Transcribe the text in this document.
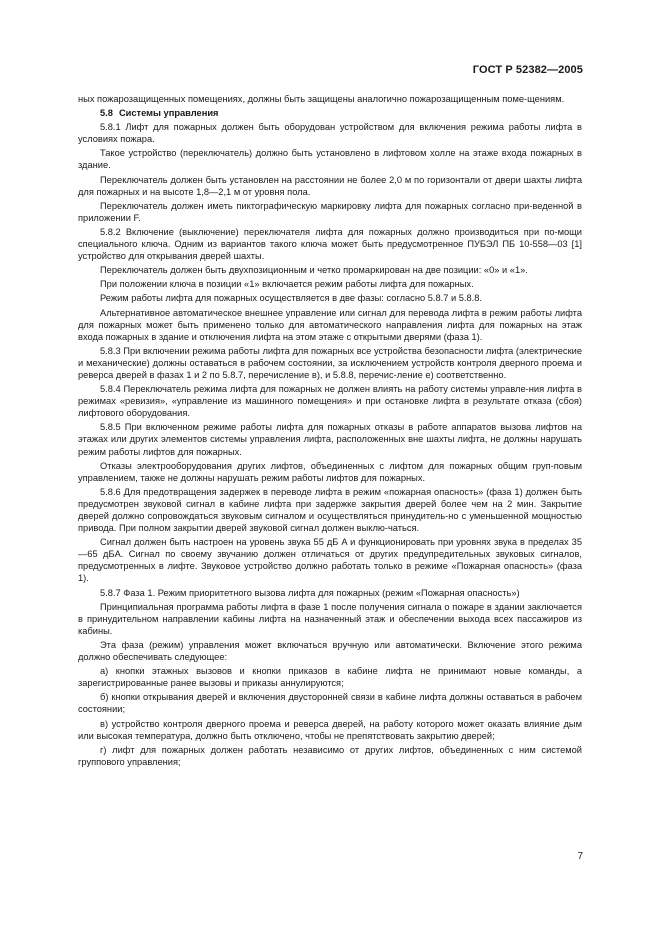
ГОСТ Р 52382—2005

ных пожарозащищенных помещениях, должны быть защищены аналогично пожарозащищенным поме-щениям.

5.8 Системы управления

5.8.1 Лифт для пожарных должен быть оборудован устройством для включения режима работы лифта в условиях пожара.

Такое устройство (переключатель) должно быть установлено в лифтовом холле на этаже входа пожарных в здание.

Переключатель должен быть установлен на расстоянии не более 2,0 м по горизонтали от двери шахты лифта для пожарных и на высоте 1,8—2,1 м от уровня пола.

Переключатель должен иметь пиктографическую маркировку лифта для пожарных согласно при-веденной в приложении F.

5.8.2 Включение (выключение) переключателя лифта для пожарных должно производиться при по-мощи специального ключа. Одним из вариантов такого ключа может быть предусмотренное ПУБЭЛ ПБ 10-558—03 [1] устройство для открывания дверей шахты.

Переключатель должен быть двухпозиционным и четко промаркирован на две позиции: «0» и «1».

При положении ключа в позиции «1» включается режим работы лифта для пожарных.

Режим работы лифта для пожарных осуществляется в две фазы: согласно 5.8.7 и 5.8.8.

Альтернативное автоматическое внешнее управление или сигнал для перевода лифта в режим работы лифта для пожарных может быть применено только для автоматического направления лифта для пожарных на этаж входа пожарных в здание и отключения лифта на этом этаже с открытыми дверями (фаза 1).

5.8.3 При включении режима работы лифта для пожарных все устройства безопасности лифта (электрические и механические) должны оставаться в рабочем состоянии, за исключением устройств контроля дверного проема и реверса дверей в фазах 1 и 2 по 5.8.7, перечисление в), и 5.8.8, перечис-ление е) соответственно.

5.8.4 Переключатель режима лифта для пожарных не должен влиять на работу системы управле-ния лифта в режимах «ревизия», «управление из машинного помещения» и при остановке лифта в результате отказа (сбоя) лифтового оборудования.

5.8.5 При включенном режиме работы лифта для пожарных отказы в работе аппаратов вызова лифтов на этажах или других элементов системы управления лифта, расположенных вне шахты лифта, не должны нарушать режим работы лифтов для пожарных.

Отказы электрооборудования других лифтов, объединенных с лифтом для пожарных общим груп-повым управлением, также не должны нарушать режим работы лифтов для пожарных.

5.8.6 Для предотвращения задержек в переводе лифта в режим «пожарная опасность» (фаза 1) должен быть предусмотрен звуковой сигнал в кабине лифта при задержке закрытия дверей более чем на 2 мин. Закрытие дверей должно сопровождаться звуковым сигналом и осуществляться принудитель-но с уменьшенной мощностью привода. При полном закрытии дверей звуковой сигнал должен выклю-чаться.

Сигнал должен быть настроен на уровень звука 55 дБ A и функционировать при уровнях звука в пределах 35—65 дБA. Сигнал по своему звучанию должен отличаться от других предупредительных звуковых сигналов, предусмотренных в лифте. Звуковое устройство должно работать только в режиме «Пожарная опасность» (фаза 1).

5.8.7 Фаза 1. Режим приоритетного вызова лифта для пожарных (режим «Пожарная опасность»)

Принципиальная программа работы лифта в фазе 1 после получения сигнала о пожаре в здании заключается в принудительном направлении кабины лифта на назначенный этаж и обеспечении выхода всех пассажиров из кабины.

Эта фаза (режим) управления может включаться вручную или автоматически. Включение этого режима должно обеспечивать следующее:

а) кнопки этажных вызовов и кнопки приказов в кабине лифта не принимают новые команды, а зарегистрированные ранее вызовы и приказы аннулируются;

б) кнопки открывания дверей и включения двусторонней связи в кабине лифта должны оставаться в рабочем состоянии;

в) устройство контроля дверного проема и реверса дверей, на работу которого может оказать влияние дым или высокая температура, должно быть отключено, чтобы не препятствовать закрытию дверей;

г) лифт для пожарных должен работать независимо от других лифтов, объединенных с ним системой группового управления;

7
